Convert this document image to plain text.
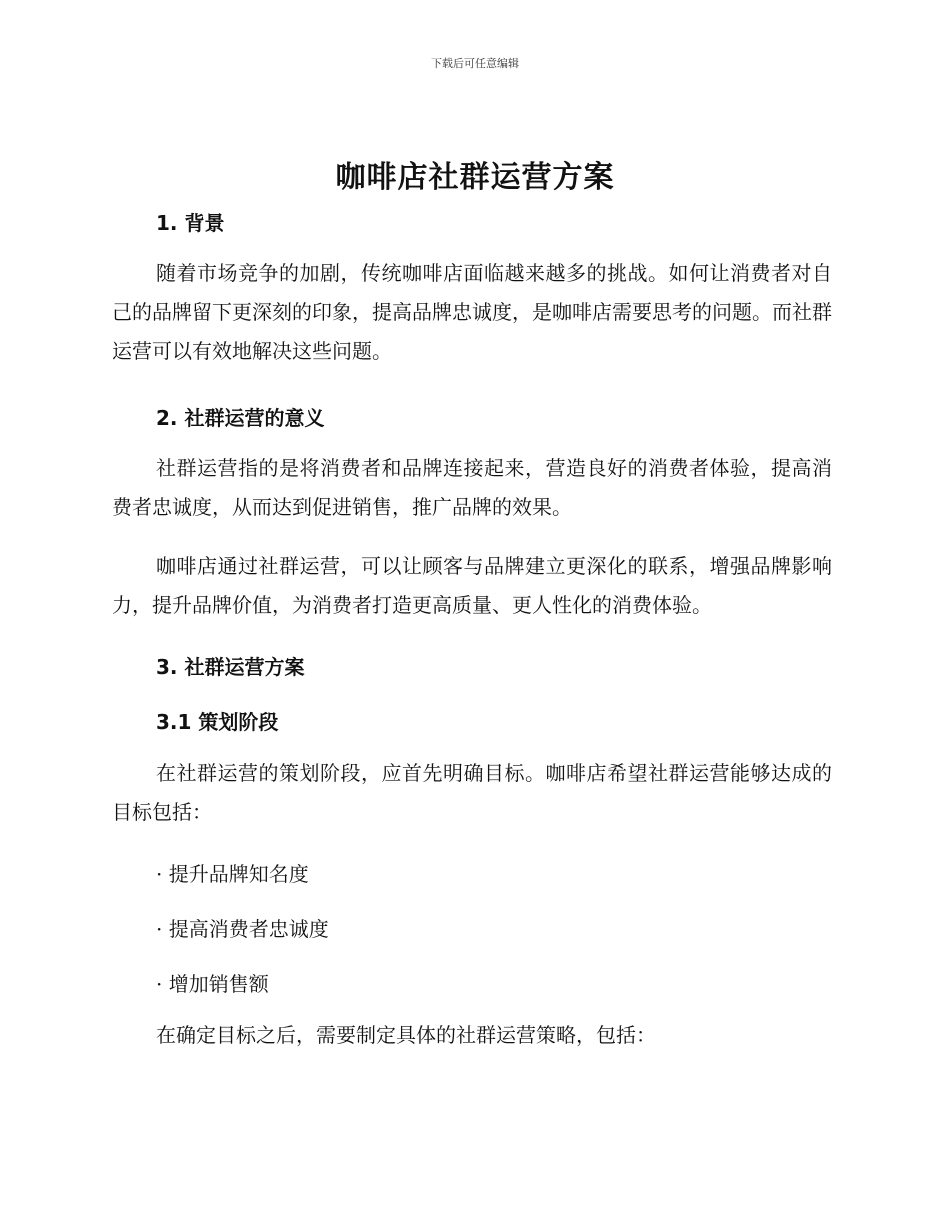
下载后可任意编辑
咖啡店社群运营方案
1. 背景
随着市场竞争的加剧，传统咖啡店面临越来越多的挑战。如何让消费者对自己的品牌留下更深刻的印象，提高品牌忠诚度，是咖啡店需要思考的问题。而社群运营可以有效地解决这些问题。
2. 社群运营的意义
社群运营指的是将消费者和品牌连接起来，营造良好的消费者体验，提高消费者忠诚度，从而达到促进销售，推广品牌的效果。
咖啡店通过社群运营，可以让顾客与品牌建立更深化的联系，增强品牌影响力，提升品牌价值，为消费者打造更高质量、更人性化的消费体验。
3. 社群运营方案
3.1 策划阶段
在社群运营的策划阶段，应首先明确目标。咖啡店希望社群运营能够达成的目标包括：
· 提升品牌知名度
· 提高消费者忠诚度
· 增加销售额
在确定目标之后，需要制定具体的社群运营策略，包括：
